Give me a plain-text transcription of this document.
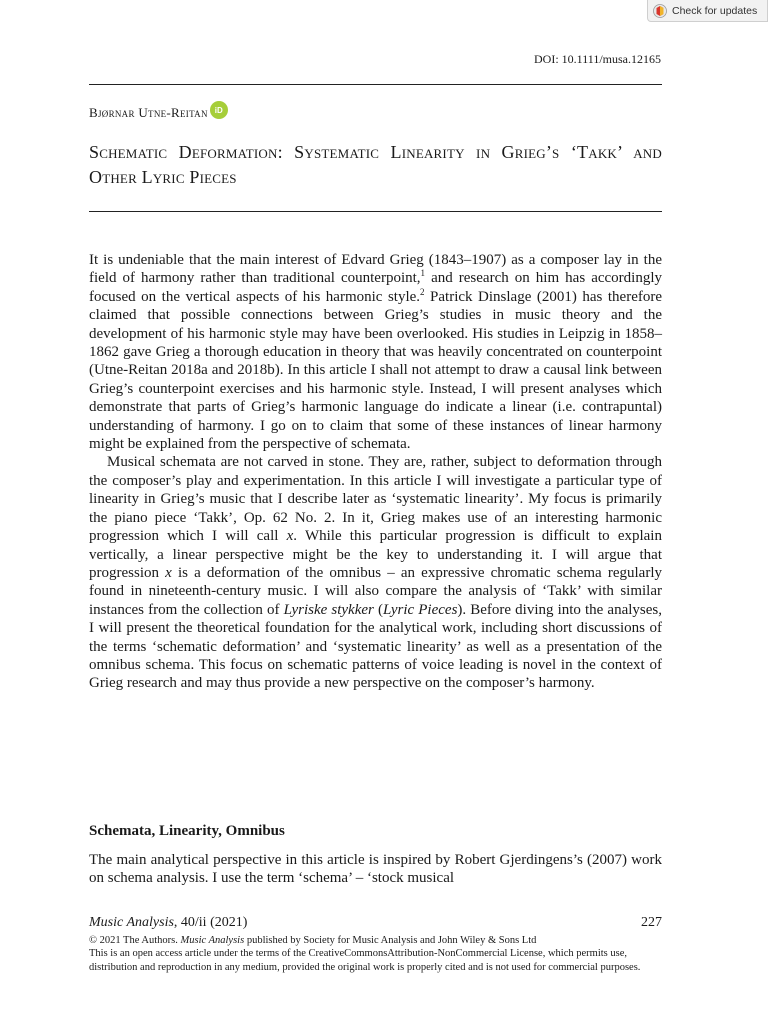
Check for updates
DOI: 10.1111/musa.12165
Bjørnar Utne-Reitan iD
Schematic Deformation: Systematic Linearity in Grieg’s ‘Takk’ and Other Lyric Pieces

It is undeniable that the main interest of Edvard Grieg (1843–1907) as a composer lay in the field of harmony rather than traditional counterpoint,$^1$ and research on him has accordingly focused on the vertical aspects of his harmonic style.$^2$ Patrick Dinslage (2001) has therefore claimed that possible connections between Grieg’s studies in music theory and the development of his harmonic style may have been overlooked. His studies in Leipzig in 1858–1862 gave Grieg a thorough education in theory that was heavily concentrated on counterpoint (Utne-Reitan 2018a and 2018b). In this article I shall not attempt to draw a causal link between Grieg’s counterpoint exercises and his harmonic style. Instead, I will present analyses which demonstrate that parts of Grieg’s harmonic language do indicate a linear (i.e. contrapuntal) understanding of harmony. I go on to claim that some of these instances of linear harmony might be explained from the perspective of schemata.

Musical schemata are not carved in stone. They are, rather, subject to deformation through the composer’s play and experimentation. In this article I will investigate a particular type of linearity in Grieg’s music that I describe later as ‘systematic linearity’. My focus is primarily the piano piece ‘Takk’, Op. 62 No. 2. In it, Grieg makes use of an interesting harmonic progression which I will call x. While this particular progression is difficult to explain vertically, a linear perspective might be the key to understanding it. I will argue that progression x is a deformation of the omnibus – an expressive chromatic schema regularly found in nineteenth-century music. I will also compare the analysis of ‘Takk’ with similar instances from the collection of Lyriske stykker (Lyric Pieces). Before diving into the analyses, I will present the theoretical foundation for the analytical work, including short discussions of the terms ‘schematic deformation’ and ‘systematic linearity’ as well as a presentation of the omnibus schema. This focus on schematic patterns of voice leading is novel in the context of Grieg research and may thus provide a new perspective on the composer’s harmony.

Schemata, Linearity, Omnibus

The main analytical perspective in this article is inspired by Robert Gjerdingens’s (2007) work on schema analysis. I use the term ‘schema’ – ‘stock musical

Music Analysis, 40/ii (2021)	227

© 2021 The Authors. Music Analysis published by Society for Music Analysis and John Wiley & Sons Ltd

This is an open access article under the terms of the CreativeCommonsAttribution-NonCommercial License, which permits use, distribution and reproduction in any medium, provided the original work is properly cited and is not used for commercial purposes.
